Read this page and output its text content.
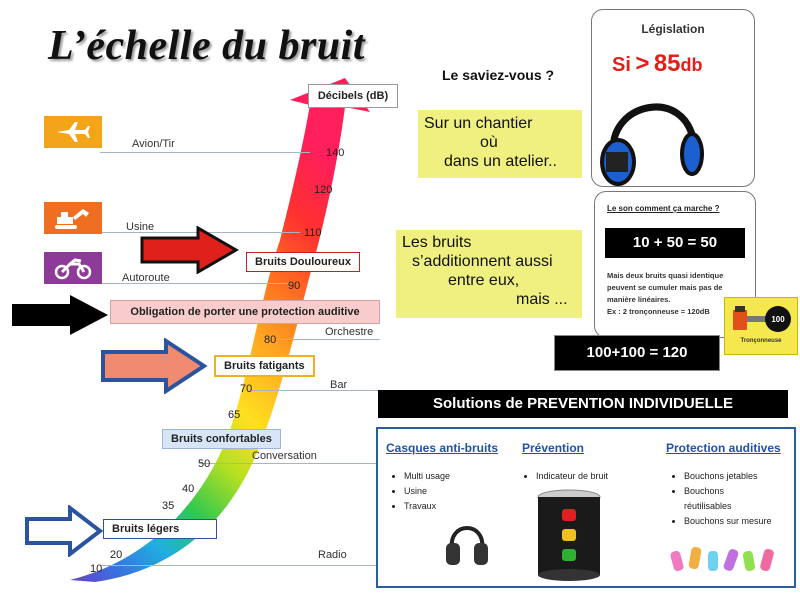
L’échelle du bruit
Décibels (dB)
Avion/Tir
Usine
Autoroute
Orchestre
Bar
Conversation
Radio
140
120
110
90
80
70
65
50
40
35
20
10
Bruits Douloureux
Obligation de porter une protection auditive
Bruits fatigants
Bruits confortables
Bruits légers
Le saviez-vous ?
Sur un chantier
où
dans un atelier..
Les bruits
s’additionnent aussi
entre eux,
mais ...
Législation
Si > 85db
Le son comment ça marche ?
10 + 50 = 50
Mais deux bruits quasi identique
peuvent se cumuler mais pas de
manière linéaires.
Ex : 2 tronçonneuse = 120dB
100
Tronçonneuse
100+100 = 120
Solutions de PREVENTION INDIVIDUELLE
Casques anti-bruits
• Multi usage
• Usine
• Travaux
Prévention
• Indicateur de bruit
Protection auditives
• Bouchons jetables
• Bouchons
réutilisables
• Bouchons sur mesure
